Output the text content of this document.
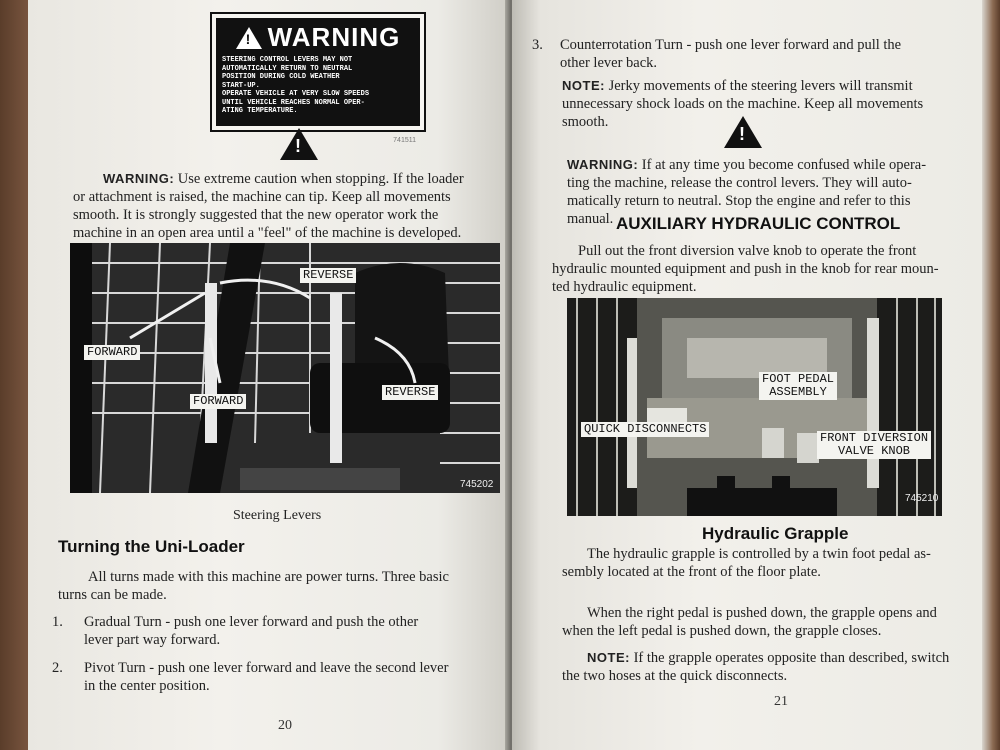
!
WARNING
STEERING CONTROL LEVERS MAY NOT
AUTOMATICALLY RETURN TO NEUTRAL
POSITION DURING COLD WEATHER
START-UP.
OPERATE VEHICLE AT VERY SLOW SPEEDS
UNTIL VEHICLE REACHES NORMAL OPER-
ATING TEMPERATURE.
741511
!
WARNING: Use extreme caution when stopping. If the loader
or attachment is raised, the machine can tip. Keep all movements
smooth. It is strongly suggested that the new operator work the
machine in an open area until a "feel" of the machine is developed.
REVERSE
FORWARD
FORWARD
REVERSE
745202
Steering Levers
Turning the Uni-Loader
All turns made with this machine are power turns. Three basic
turns can be made.
1. Gradual Turn - push one lever forward and push the other
lever part way forward.
2. Pivot Turn - push one lever forward and leave the second lever
in the center position.
20
3. Counterrotation Turn - push one lever forward and pull the
other lever back.
NOTE: Jerky movements of the steering levers will transmit
unnecessary shock loads on the machine. Keep all movements
smooth.
!
WARNING: If at any time you become confused while opera-
ting the machine, release the control levers. They will auto-
matically return to neutral. Stop the engine and refer to this
manual. AUXILIARY HYDRAULIC CONTROL
Pull out the front diversion valve knob to operate the front
hydraulic mounted equipment and push in the knob for rear moun-
ted hydraulic equipment.
FOOT PEDAL
ASSEMBLY
QUICK DISCONNECTS
FRONT DIVERSION
VALVE KNOB
745210
Hydraulic Grapple
The hydraulic grapple is controlled by a twin foot pedal as-
sembly located at the front of the floor plate.
When the right pedal is pushed down, the grapple opens and
when the left pedal is pushed down, the grapple closes.
NOTE: If the grapple operates opposite than described, switch
the two hoses at the quick disconnects.
21
